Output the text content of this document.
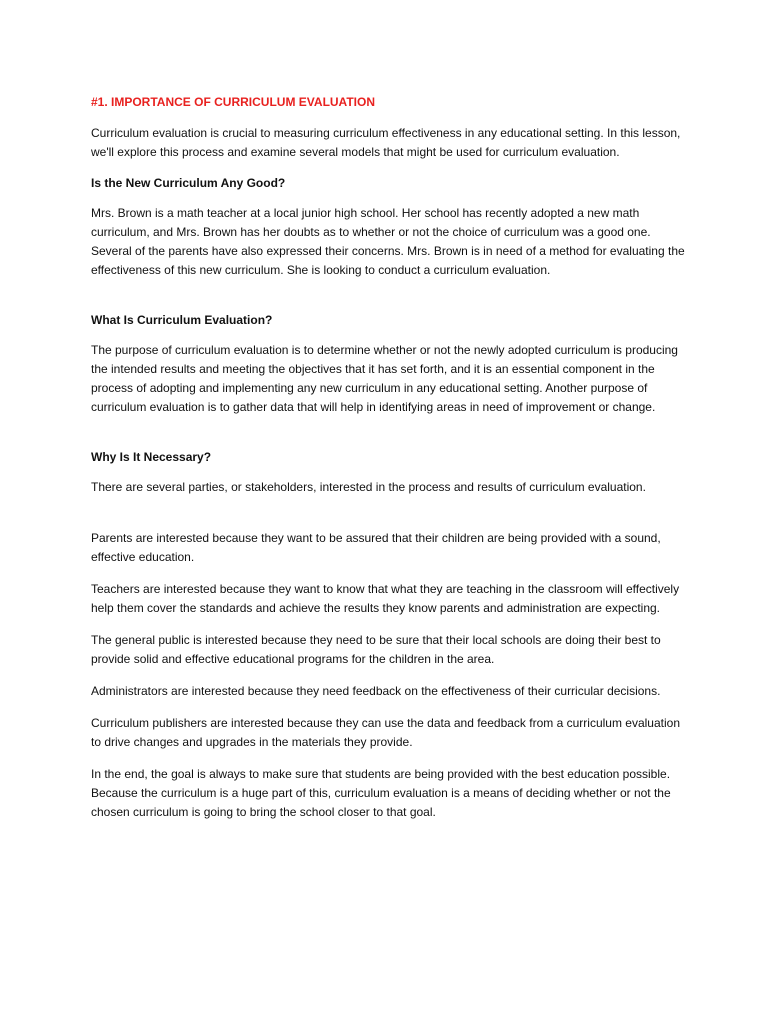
#1. IMPORTANCE OF CURRICULUM EVALUATION

Curriculum evaluation is crucial to measuring curriculum effectiveness in any educational setting. In this lesson, we'll explore this process and examine several models that might be used for curriculum evaluation.

Is the New Curriculum Any Good?

Mrs. Brown is a math teacher at a local junior high school. Her school has recently adopted a new math curriculum, and Mrs. Brown has her doubts as to whether or not the choice of curriculum was a good one. Several of the parents have also expressed their concerns. Mrs. Brown is in need of a method for evaluating the effectiveness of this new curriculum. She is looking to conduct a curriculum evaluation.

What Is Curriculum Evaluation?

The purpose of curriculum evaluation is to determine whether or not the newly adopted curriculum is producing the intended results and meeting the objectives that it has set forth, and it is an essential component in the process of adopting and implementing any new curriculum in any educational setting. Another purpose of curriculum evaluation is to gather data that will help in identifying areas in need of improvement or change.

Why Is It Necessary?

There are several parties, or stakeholders, interested in the process and results of curriculum evaluation.

Parents are interested because they want to be assured that their children are being provided with a sound, effective education.

Teachers are interested because they want to know that what they are teaching in the classroom will effectively help them cover the standards and achieve the results they know parents and administration are expecting.

The general public is interested because they need to be sure that their local schools are doing their best to provide solid and effective educational programs for the children in the area.

Administrators are interested because they need feedback on the effectiveness of their curricular decisions.

Curriculum publishers are interested because they can use the data and feedback from a curriculum evaluation to drive changes and upgrades in the materials they provide.

In the end, the goal is always to make sure that students are being provided with the best education possible. Because the curriculum is a huge part of this, curriculum evaluation is a means of deciding whether or not the chosen curriculum is going to bring the school closer to that goal.
